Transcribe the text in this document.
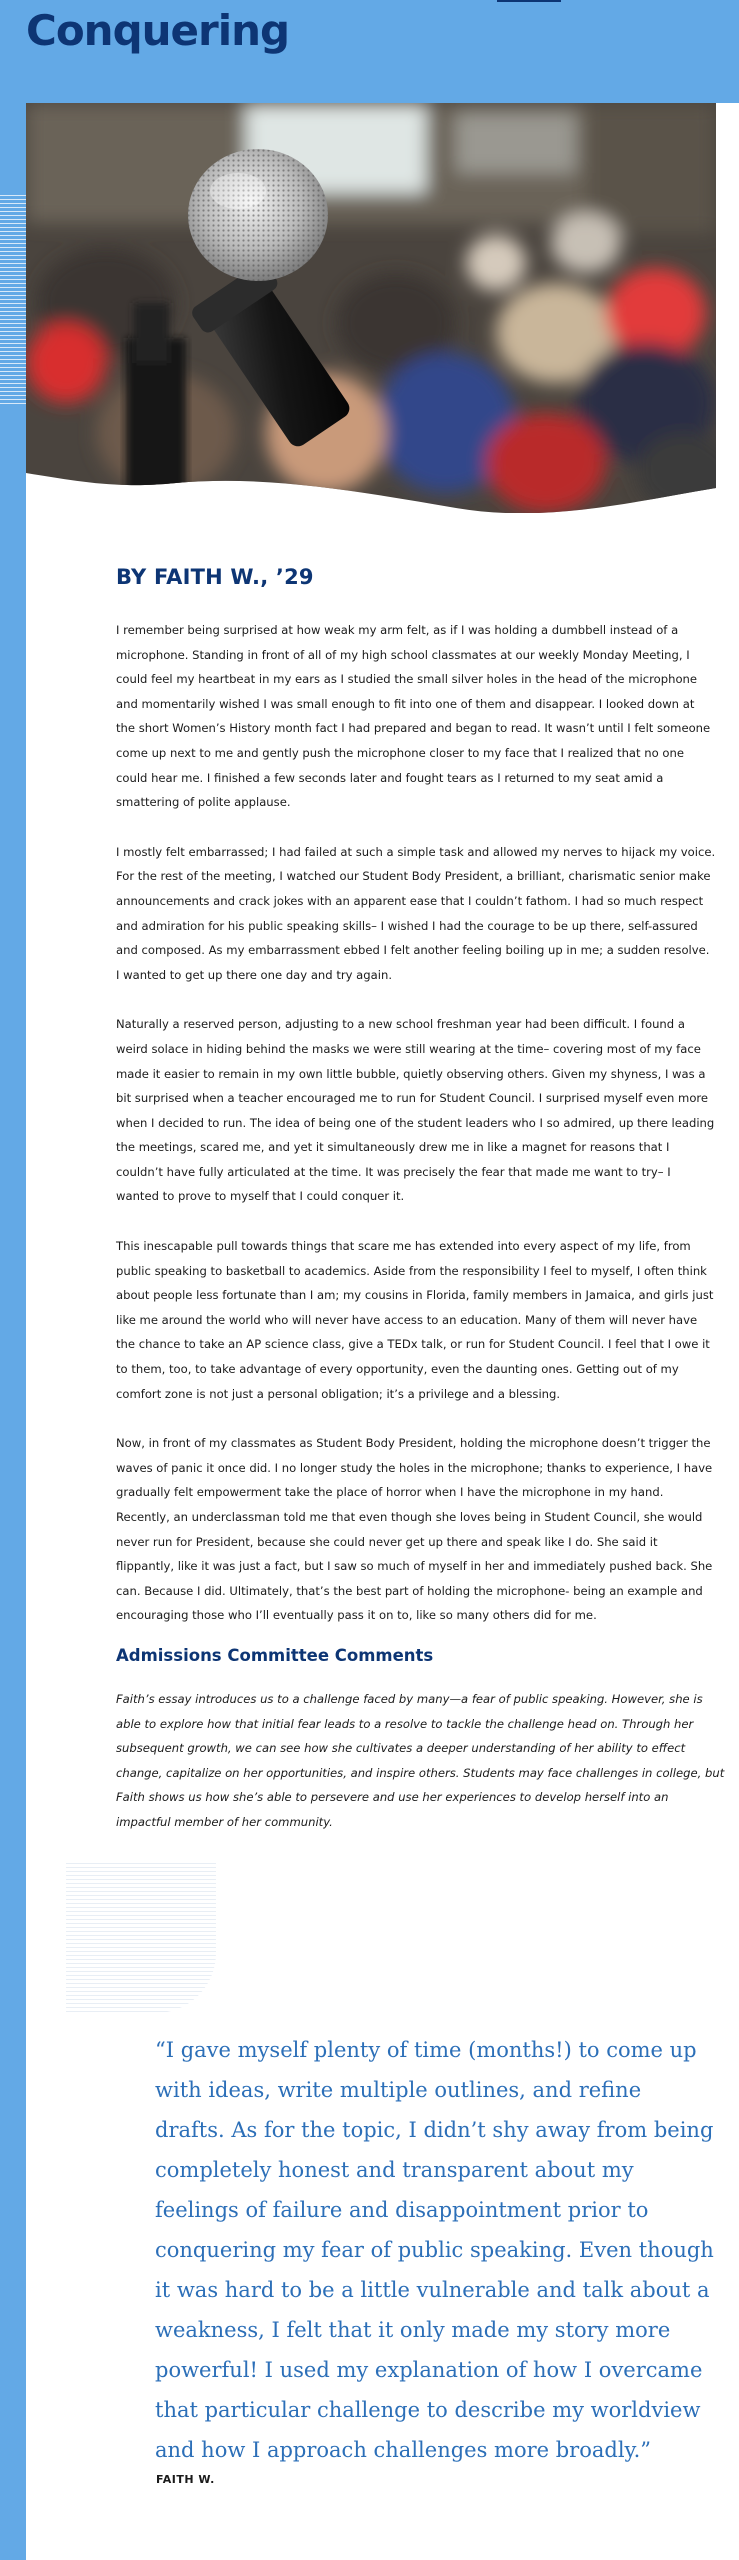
Conquering
BY FAITH W., ’29

I remember being surprised at how weak my arm felt, as if I was holding a dumbbell instead of a microphone. Standing in front of all of my high school classmates at our weekly Monday Meeting, I could feel my heartbeat in my ears as I studied the small silver holes in the head of the microphone and momentarily wished I was small enough to fit into one of them and disappear. I looked down at the short Women’s History month fact I had prepared and began to read. It wasn’t until I felt someone come up next to me and gently push the microphone closer to my face that I realized that no one could hear me. I finished a few seconds later and fought tears as I returned to my seat amid a smattering of polite applause.

I mostly felt embarrassed; I had failed at such a simple task and allowed my nerves to hijack my voice. For the rest of the meeting, I watched our Student Body President, a brilliant, charismatic senior make announcements and crack jokes with an apparent ease that I couldn’t fathom. I had so much respect and admiration for his public speaking skills– I wished I had the courage to be up there, self-assured and composed. As my embarrassment ebbed I felt another feeling boiling up in me; a sudden resolve. I wanted to get up there one day and try again.

Naturally a reserved person, adjusting to a new school freshman year had been difficult. I found a weird solace in hiding behind the masks we were still wearing at the time– covering most of my face made it easier to remain in my own little bubble, quietly observing others. Given my shyness, I was a bit surprised when a teacher encouraged me to run for Student Council. I surprised myself even more when I decided to run. The idea of being one of the student leaders who I so admired, up there leading the meetings, scared me, and yet it simultaneously drew me in like a magnet for reasons that I couldn’t have fully articulated at the time. It was precisely the fear that made me want to try– I wanted to prove to myself that I could conquer it.

This inescapable pull towards things that scare me has extended into every aspect of my life, from public speaking to basketball to academics. Aside from the responsibility I feel to myself, I often think about people less fortunate than I am; my cousins in Florida, family members in Jamaica, and girls just like me around the world who will never have access to an education. Many of them will never have the chance to take an AP science class, give a TEDx talk, or run for Student Council. I feel that I owe it to them, too, to take advantage of every opportunity, even the daunting ones. Getting out of my comfort zone is not just a personal obligation; it’s a privilege and a blessing.

Now, in front of my classmates as Student Body President, holding the microphone doesn’t trigger the waves of panic it once did. I no longer study the holes in the microphone; thanks to experience, I have gradually felt empowerment take the place of horror when I have the microphone in my hand. Recently, an underclassman told me that even though she loves being in Student Council, she would never run for President, because she could never get up there and speak like I do. She said it flippantly, like it was just a fact, but I saw so much of myself in her and immediately pushed back. She can. Because I did. Ultimately, that’s the best part of holding the microphone- being an example and encouraging those who I’ll eventually pass it on to, like so many others did for me.

Admissions Committee Comments

Faith’s essay introduces us to a challenge faced by many—a fear of public speaking. However, she is able to explore how that initial fear leads to a resolve to tackle the challenge head on. Through her subsequent growth, we can see how she cultivates a deeper understanding of her ability to effect change, capitalize on her opportunities, and inspire others. Students may face challenges in college, but Faith shows us how she’s able to persevere and use her experiences to develop herself into an impactful member of her community.

“I gave myself plenty of time (months!) to come up with ideas, write multiple outlines, and refine drafts. As for the topic, I didn’t shy away from being completely honest and transparent about my feelings of failure and disappointment prior to conquering my fear of public speaking. Even though it was hard to be a little vulnerable and talk about a weakness, I felt that it only made my story more powerful! I used my explanation of how I overcame that particular challenge to describe my worldview and how I approach challenges more broadly.”

FAITH W.
